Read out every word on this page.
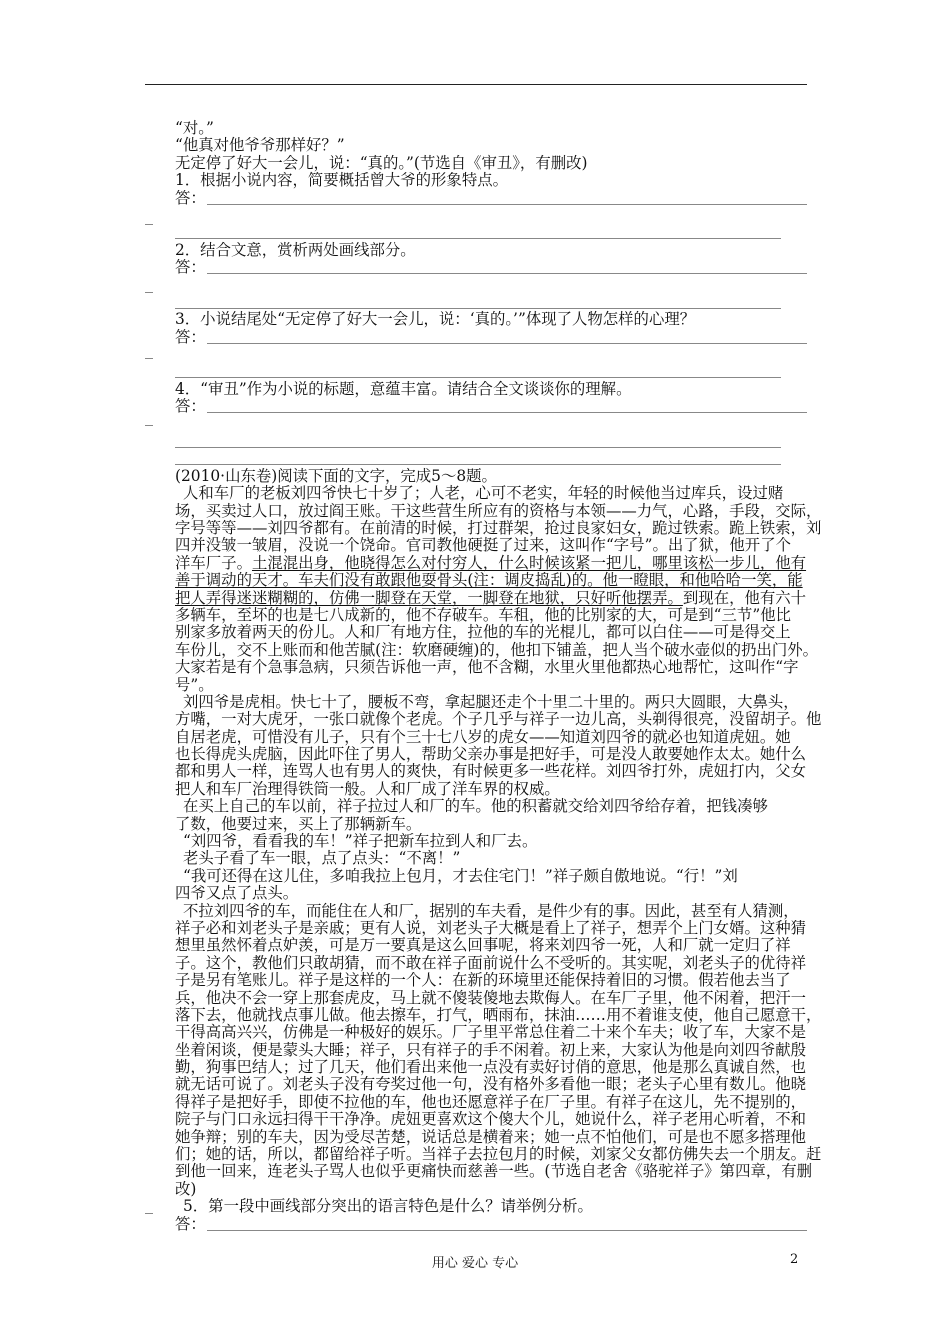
“对。”
“他真对他爷爷那样好？”
无定停了好大一会儿，说：“真的。”(节选自《审丑》，有删改)
1．根据小说内容，简要概括曾大爷的形象特点。
答：
2．结合文意，赏析两处画线部分。
答：
3．小说结尾处“无定停了好大一会儿，说：‘真的。’”体现了人物怎样的心理？
答：
4．“审丑”作为小说的标题，意蕴丰富。请结合全文谈谈你的理解。
答：
(2010·山东卷)阅读下面的文字，完成5～8题。
人和车厂的老板刘四爷快七十岁了；人老，心可不老实，年轻的时候他当过库兵，设过赌
场，买卖过人口，放过阎王账。干这些营生所应有的资格与本领——力气，心路，手段，交际，
字号等等——刘四爷都有。在前清的时候，打过群架，抢过良家妇女，跪过铁索。跪上铁索，刘
四并没皱一皱眉，没说一个饶命。官司教他硬挺了过来，这叫作“字号”。出了狱，他开了个
洋车厂子。土混混出身，他晓得怎么对付穷人，什么时候该紧一把儿，哪里该松一步儿，他有
善于调动的天才。车夫们没有敢跟他耍骨头(注：调皮捣乱)的。他一瞪眼，和他哈哈一笑，能
把人弄得迷迷糊糊的，仿佛一脚登在天堂，一脚登在地狱，只好听他摆弄。到现在，他有六十
多辆车，至坏的也是七八成新的，他不存破车。车租，他的比别家的大，可是到“三节”他比
别家多放着两天的份儿。人和厂有地方住，拉他的车的光棍儿，都可以白住——可是得交上
车份儿，交不上账而和他苦腻(注：软磨硬缠)的，他扣下铺盖，把人当个破水壶似的扔出门外。
大家若是有个急事急病，只须告诉他一声，他不含糊，水里火里他都热心地帮忙，这叫作“字
号”。
刘四爷是虎相。快七十了，腰板不弯，拿起腿还走个十里二十里的。两只大圆眼，大鼻头，
方嘴，一对大虎牙，一张口就像个老虎。个子几乎与祥子一边儿高，头剃得很亮，没留胡子。他
自居老虎，可惜没有儿子，只有个三十七八岁的虎女——知道刘四爷的就必也知道虎妞。她
也长得虎头虎脑，因此吓住了男人，帮助父亲办事是把好手，可是没人敢要她作太太。她什么
都和男人一样，连骂人也有男人的爽快，有时候更多一些花样。刘四爷打外，虎妞打内，父女
把人和车厂治理得铁筒一般。人和厂成了洋车界的权威。
在买上自己的车以前，祥子拉过人和厂的车。他的积蓄就交给刘四爷给存着，把钱凑够
了数，他要过来，买上了那辆新车。
“刘四爷，看看我的车！”祥子把新车拉到人和厂去。
老头子看了车一眼，点了点头：“不离！”
“我可还得在这儿住，多咱我拉上包月，才去住宅门！”祥子颇自傲地说。“行！”刘
四爷又点了点头。
不拉刘四爷的车，而能住在人和厂，据别的车夫看，是件少有的事。因此，甚至有人猜测，
祥子必和刘老头子是亲戚；更有人说，刘老头子大概是看上了祥子，想弄个上门女婿。这种猜
想里虽然怀着点妒羡，可是万一要真是这么回事呢，将来刘四爷一死，人和厂就一定归了祥
子。这个，教他们只敢胡猜，而不敢在祥子面前说什么不受听的。其实呢，刘老头子的优待祥
子是另有笔账儿。祥子是这样的一个人：在新的环境里还能保持着旧的习惯。假若他去当了
兵，他决不会一穿上那套虎皮，马上就不傻装傻地去欺侮人。在车厂子里，他不闲着，把汗一
落下去，他就找点事儿做。他去擦车，打气，晒雨布，抹油……用不着谁支使，他自己愿意干，
干得高高兴兴，仿佛是一种极好的娱乐。厂子里平常总住着二十来个车夫；收了车，大家不是
坐着闲谈，便是蒙头大睡；祥子，只有祥子的手不闲着。初上来，大家认为他是向刘四爷献殷
勤，狗事巴结人；过了几天，他们看出来他一点没有卖好讨俏的意思，他是那么真诚自然，也
就无话可说了。刘老头子没有夸奖过他一句，没有格外多看他一眼；老头子心里有数儿。他晓
得祥子是把好手，即使不拉他的车，他也还愿意祥子在厂子里。有祥子在这儿，先不提别的，
院子与门口永远扫得干干净净。虎妞更喜欢这个傻大个儿，她说什么，祥子老用心听着，不和
她争辩；别的车夫，因为受尽苦楚，说话总是横着来；她一点不怕他们，可是也不愿多搭理他
们；她的话，所以，都留给祥子听。当祥子去拉包月的时候，刘家父女都仿佛失去一个朋友。赶
到他一回来，连老头子骂人也似乎更痛快而慈善一些。(节选自老舍《骆驼祥子》第四章，有删
改)
5．第一段中画线部分突出的语言特色是什么？请举例分析。
答：
用心 爱心 专心	2
